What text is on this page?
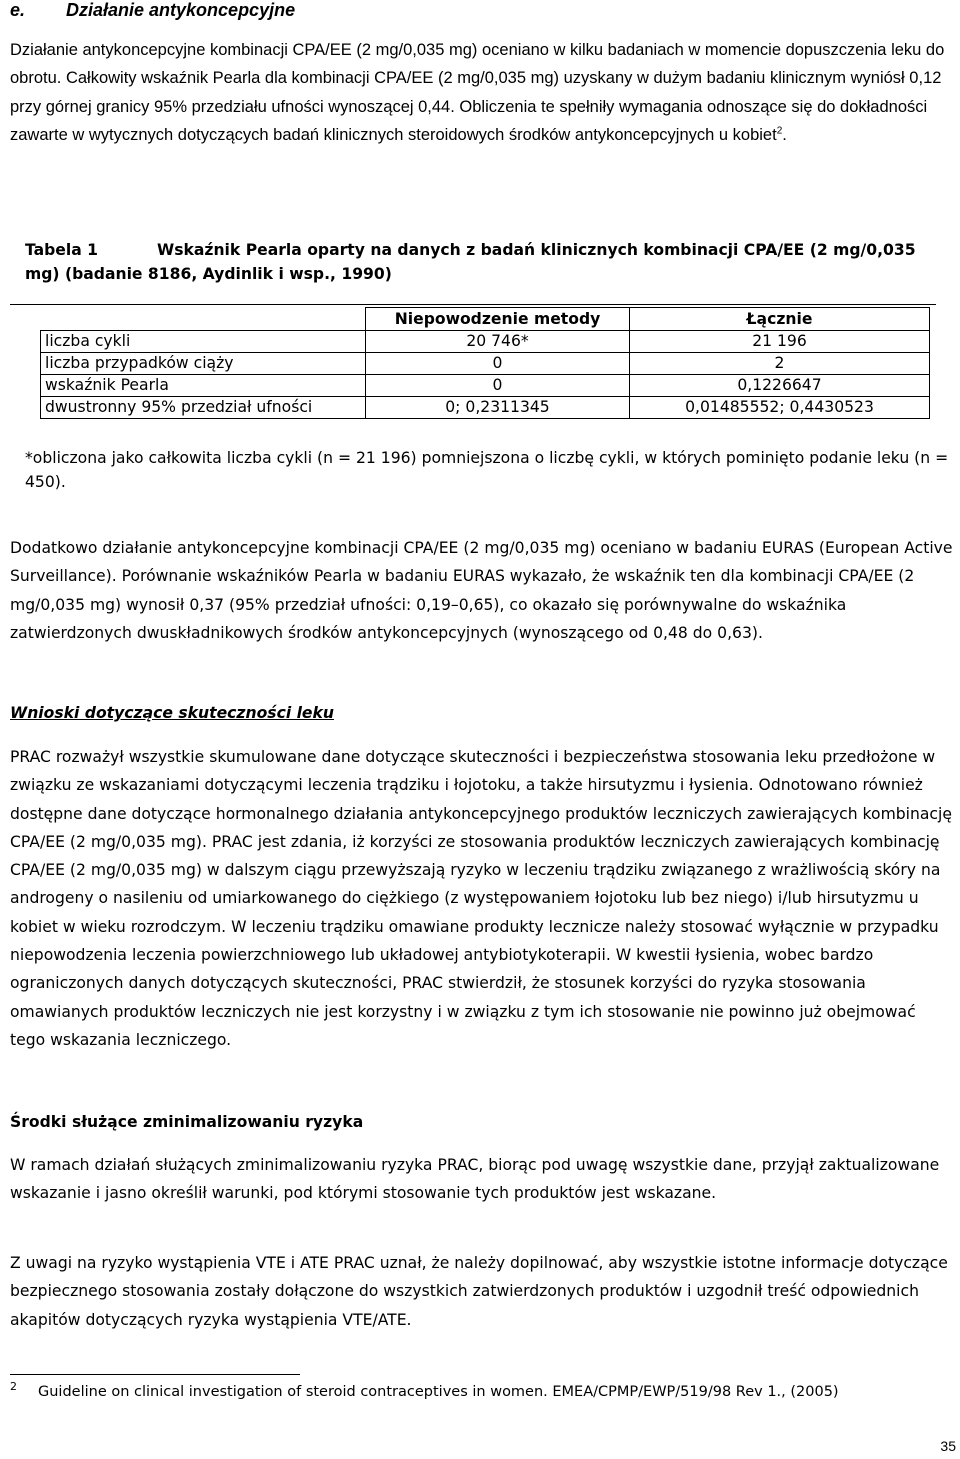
e. Działanie antykoncepcyjne

Działanie antykoncepcyjne kombinacji CPA/EE (2 mg/0,035 mg) oceniano w kilku badaniach w momencie dopuszczenia leku do obrotu. Całkowity wskaźnik Pearla dla kombinacji CPA/EE (2 mg/0,035 mg) uzyskany w dużym badaniu klinicznym wyniósł 0,12 przy górnej granicy 95% przedziału ufności wynoszącej 0,44. Obliczenia te spełniły wymagania odnoszące się do dokładności zawarte w wytycznych dotyczących badań klinicznych steroidowych środków antykoncepcyjnych u kobiet$^2$.

Tabela 1	Wskaźnik Pearla oparty na danych z badań klinicznych kombinacji CPA/EE (2 mg/0,035 mg) (badanie 8186, Aydinlik i wsp., 1990)
	Niepowodzenie metody	Łącznie
liczba cykli	20 746*	21 196
liczba przypadków ciąży	0	2
wskaźnik Pearla	0	0,1226647
dwustronny 95% przedział ufności	0; 0,2311345	0,01485552; 0,4430523
*obliczona jako całkowita liczba cykli (n = 21 196) pomniejszona o liczbę cykli, w których pominięto podanie leku (n = 450).

Dodatkowo działanie antykoncepcyjne kombinacji CPA/EE (2 mg/0,035 mg) oceniano w badaniu EURAS (European Active Surveillance). Porównanie wskaźników Pearla w badaniu EURAS wykazało, że wskaźnik ten dla kombinacji CPA/EE (2 mg/0,035 mg) wynosił 0,37 (95% przedział ufności: 0,19–0,65), co okazało się porównywalne do wskaźnika zatwierdzonych dwuskładnikowych środków antykoncepcyjnych (wynoszącego od 0,48 do 0,63).

Wnioski dotyczące skuteczności leku

PRAC rozważył wszystkie skumulowane dane dotyczące skuteczności i bezpieczeństwa stosowania leku przedłożone w związku ze wskazaniami dotyczącymi leczenia trądziku i łojotoku, a także hirsutyzmu i łysienia. Odnotowano również dostępne dane dotyczące hormonalnego działania antykoncepcyjnego produktów leczniczych zawierających kombinację CPA/EE (2 mg/0,035 mg). PRAC jest zdania, iż korzyści ze stosowania produktów leczniczych zawierających kombinację CPA/EE (2 mg/0,035 mg) w dalszym ciągu przewyższają ryzyko w leczeniu trądziku związanego z wrażliwością skóry na androgeny o nasileniu od umiarkowanego do ciężkiego (z występowaniem łojotoku lub bez niego) i/lub hirsutyzmu u kobiet w wieku rozrodczym. W leczeniu trądziku omawiane produkty lecznicze należy stosować wyłącznie w przypadku niepowodzenia leczenia powierzchniowego lub układowej antybiotykoterapii. W kwestii łysienia, wobec bardzo ograniczonych danych dotyczących skuteczności, PRAC stwierdził, że stosunek korzyści do ryzyka stosowania omawianych produktów leczniczych nie jest korzystny i w związku z tym ich stosowanie nie powinno już obejmować tego wskazania leczniczego.

Środki służące zminimalizowaniu ryzyka

W ramach działań służących zminimalizowaniu ryzyka PRAC, biorąc pod uwagę wszystkie dane, przyjął zaktualizowane wskazanie i jasno określił warunki, pod którymi stosowanie tych produktów jest wskazane.

Z uwagi na ryzyko wystąpienia VTE i ATE PRAC uznał, że należy dopilnować, aby wszystkie istotne informacje dotyczące bezpiecznego stosowania zostały dołączone do wszystkich zatwierdzonych produktów i uzgodnił treść odpowiednich akapitów dotyczących ryzyka wystąpienia VTE/ATE.

2 Guideline on clinical investigation of steroid contraceptives in women. EMEA/CPMP/EWP/519/98 Rev 1., (2005)
35
